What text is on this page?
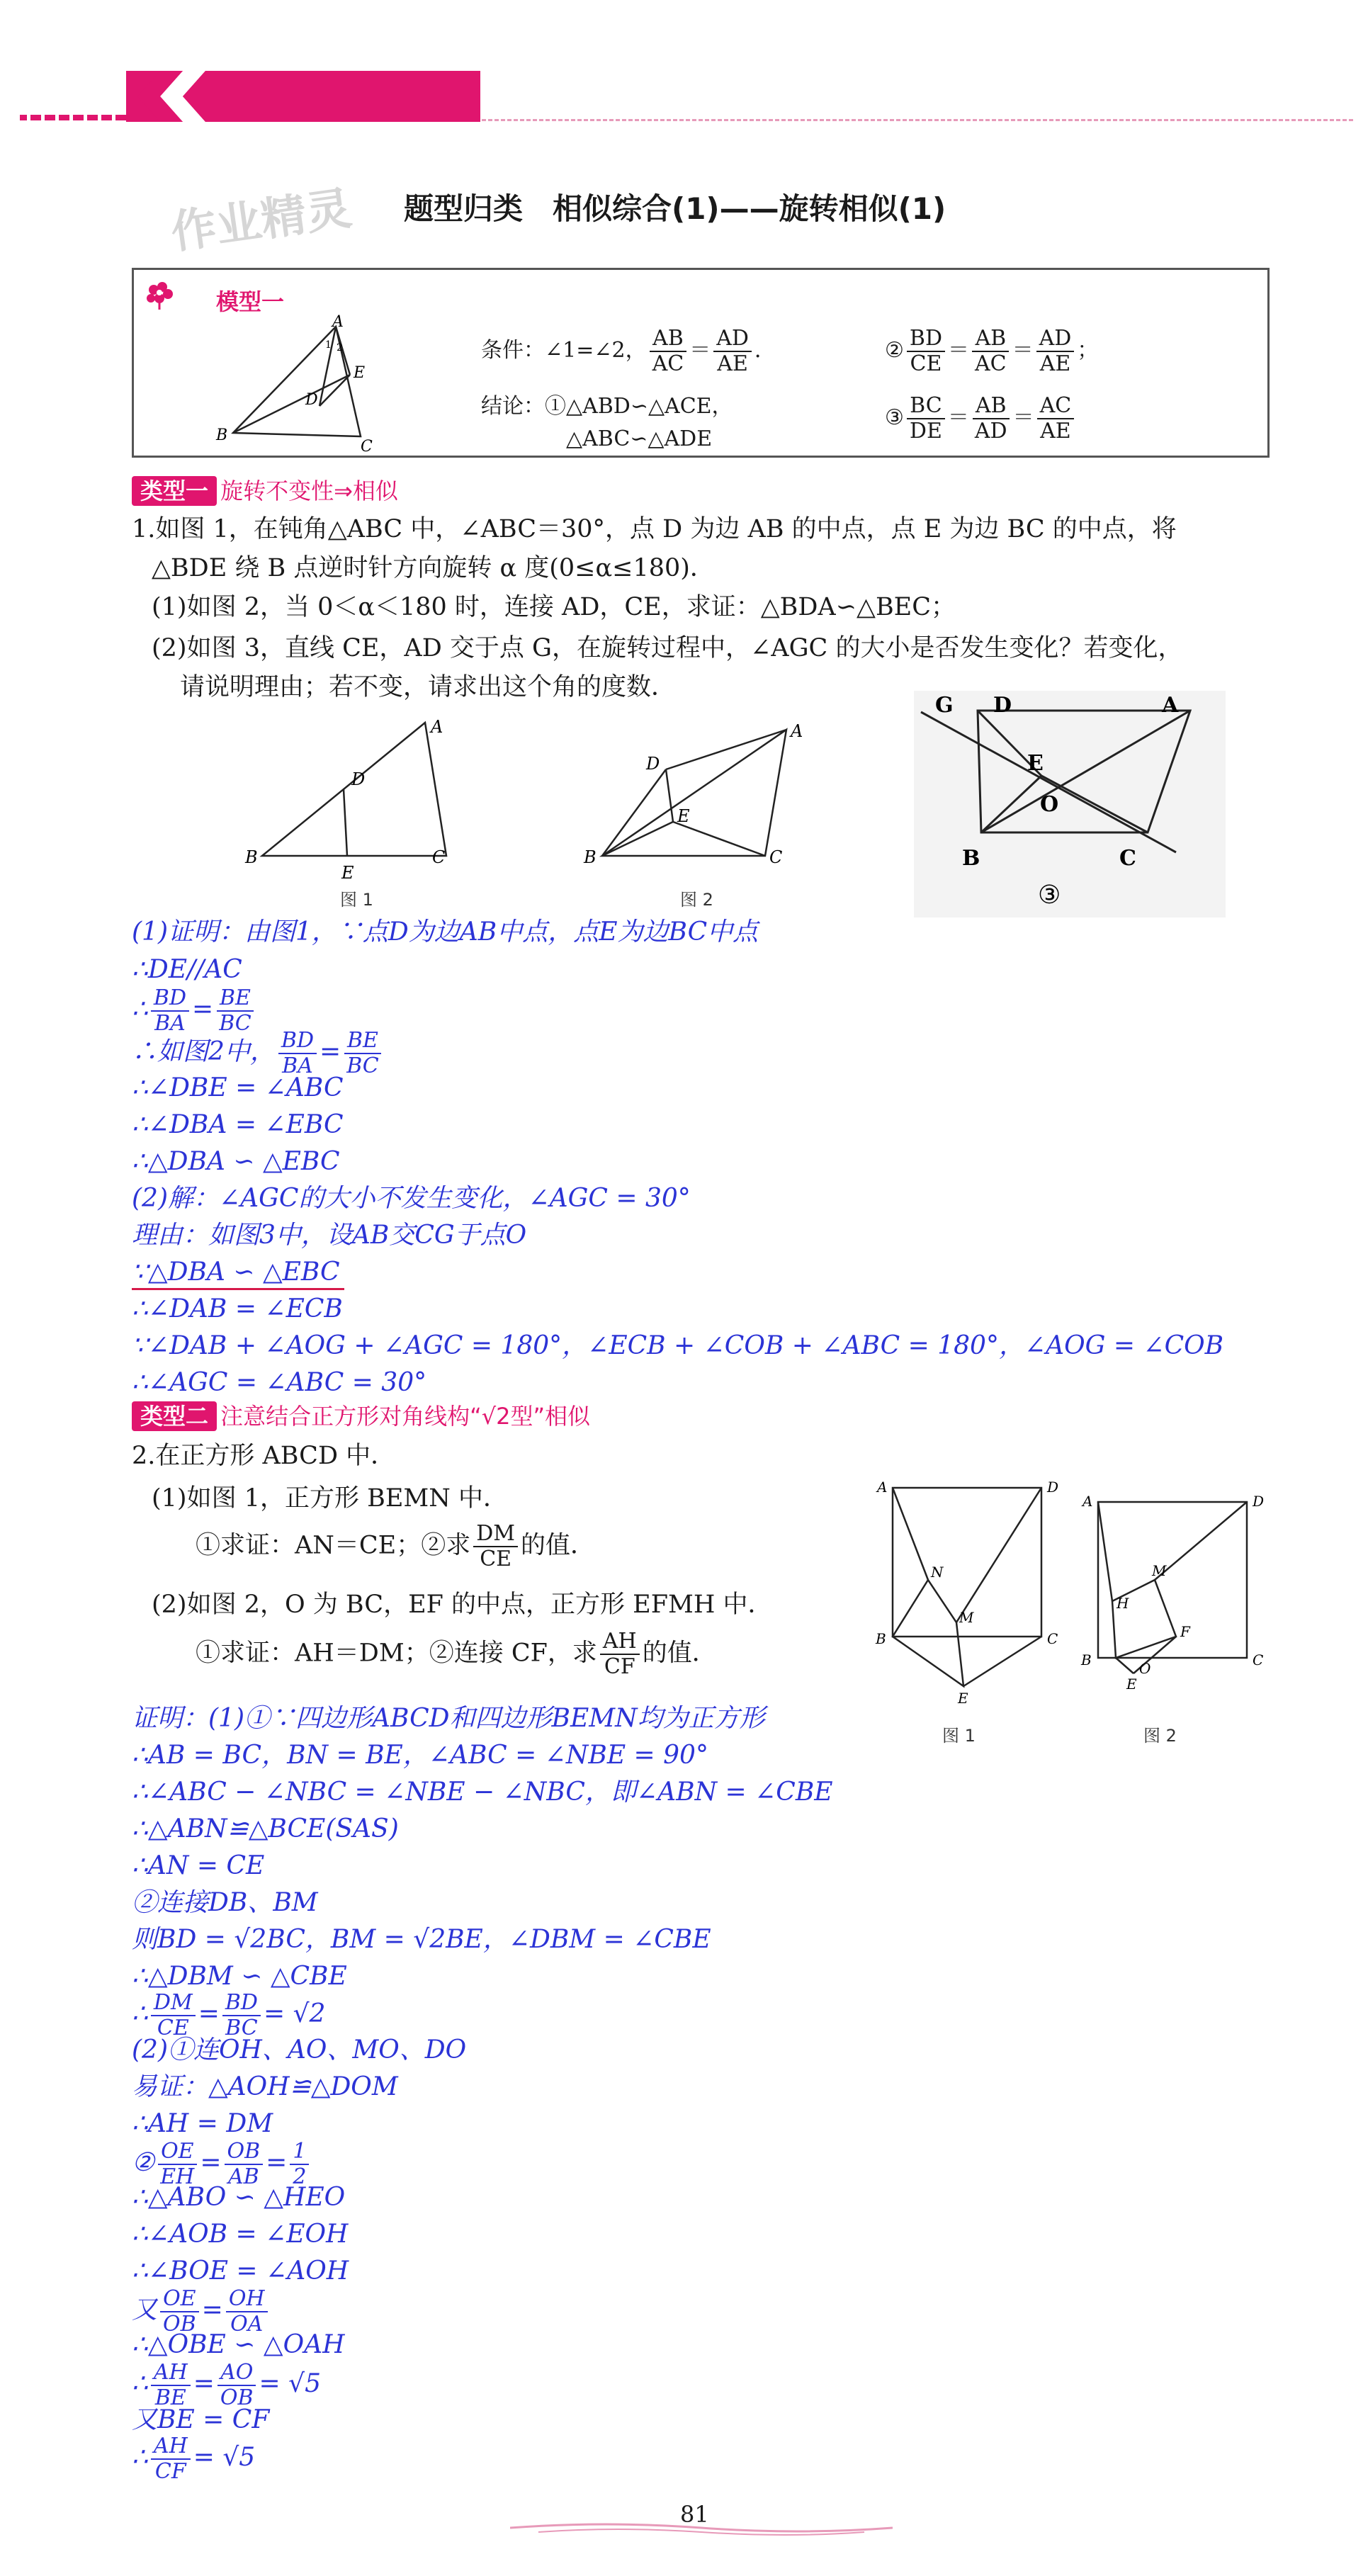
作业精灵 题型归类　相似综合(1)——旋转相似(1)
模型一
A
E
D
B
C
1 2	条件：∠1=∠2， $\frac{AB}{AC} = \frac{AD}{AE}$ ．
结论：①△ABD∽△ACE，
△ABC∽△ADE
② $\frac{BD}{CE} = \frac{AB}{AC} = \frac{AD}{AE}$ ；
③ $\frac{BC}{DE} = \frac{AB}{AD} = \frac{AC}{AE}$
类型一 旋转不变性⇒相似
1.如图 1，在钝角△ABC 中，∠ABC＝30°，点 D 为边 AB 的中点，点 E 为边 BC 的中点，将
△BDE 绕 B 点逆时针方向旋转 α 度(0≤α≤180)．
(1)如图 2，当 0＜α＜180 时，连接 AD，CE，求证：△BDA∽△BEC；
(2)如图 3，直线 CE，AD 交于点 G，在旋转过程中，∠AGC 的大小是否发生变化？若变化，
请说明理由；若不变，请求出这个角的度数．
A
D
B
E
C
图 1
A
D
E
B	C
图 2
G D	A
E
O
B	C
③
(1)证明：由图1，∵点D为边AB中点，点E为边BC中点
∴DE//AC
∴ $\frac{BD}{BA} = \frac{BE}{BC}$
∴如图2中， $\frac{BD}{BA} = \frac{BE}{BC}$
∴∠DBE = ∠ABC
∴∠DBA = ∠EBC
∴△DBA ∽ △EBC
(2)解：∠AGC的大小不发生变化，∠AGC = 30°
理由：如图3中，设AB交CG于点O
∵△DBA ∽ △EBC
∴∠DAB = ∠ECB
∵∠DAB + ∠AOG + ∠AGC = 180°，∠ECB + ∠COB + ∠ABC = 180°，∠AOG = ∠COB
∴∠AGC = ∠ABC = 30°
类型二 注意结合正方形对角线构“√2型”相似
2.在正方形 ABCD 中．
(1)如图 1，正方形 BEMN 中．
①求证：AN＝CE；②求 $\frac{DM}{CE}$ 的值．
(2)如图 2，O 为 BC，EF 的中点，正方形 EFMH 中．
①求证：AH＝DM；②连接 CF，求 $\frac{AH}{CF}$ 的值．
A	D
N
M
B	C
E
图 1
A	D
M
H
F
B	O	C
E
图 2
证明：(1)①∵四边形ABCD和四边形BEMN均为正方形
∴AB = BC，BN = BE，∠ABC = ∠NBE = 90°
∴∠ABC − ∠NBC = ∠NBE − ∠NBC，即∠ABN = ∠CBE
∴△ABN≌△BCE(SAS)
∴AN = CE
②连接DB、BM
则BD = √2BC，BM = √2BE，∠DBM = ∠CBE
∴△DBM ∽ △CBE
∴ $\frac{DM}{CE} = \frac{BD}{BC} = √2$
(2)①连OH、AO、MO、DO
易证：△AOH≌△DOM
∴AH = DM
② $\frac{OE}{EH} = \frac{OB}{AB} = \frac{1}{2}$
∴△ABO ∽ △HEO
∴∠AOB = ∠EOH
∴∠BOE = ∠AOH
又 $\frac{OE}{OB} = \frac{OH}{OA}$
∴△OBE ∽ △OAH
∴ $\frac{AH}{BE} = \frac{AO}{OB} = √5$
又BE = CF
∴ $\frac{AH}{CF} = √5$
81
